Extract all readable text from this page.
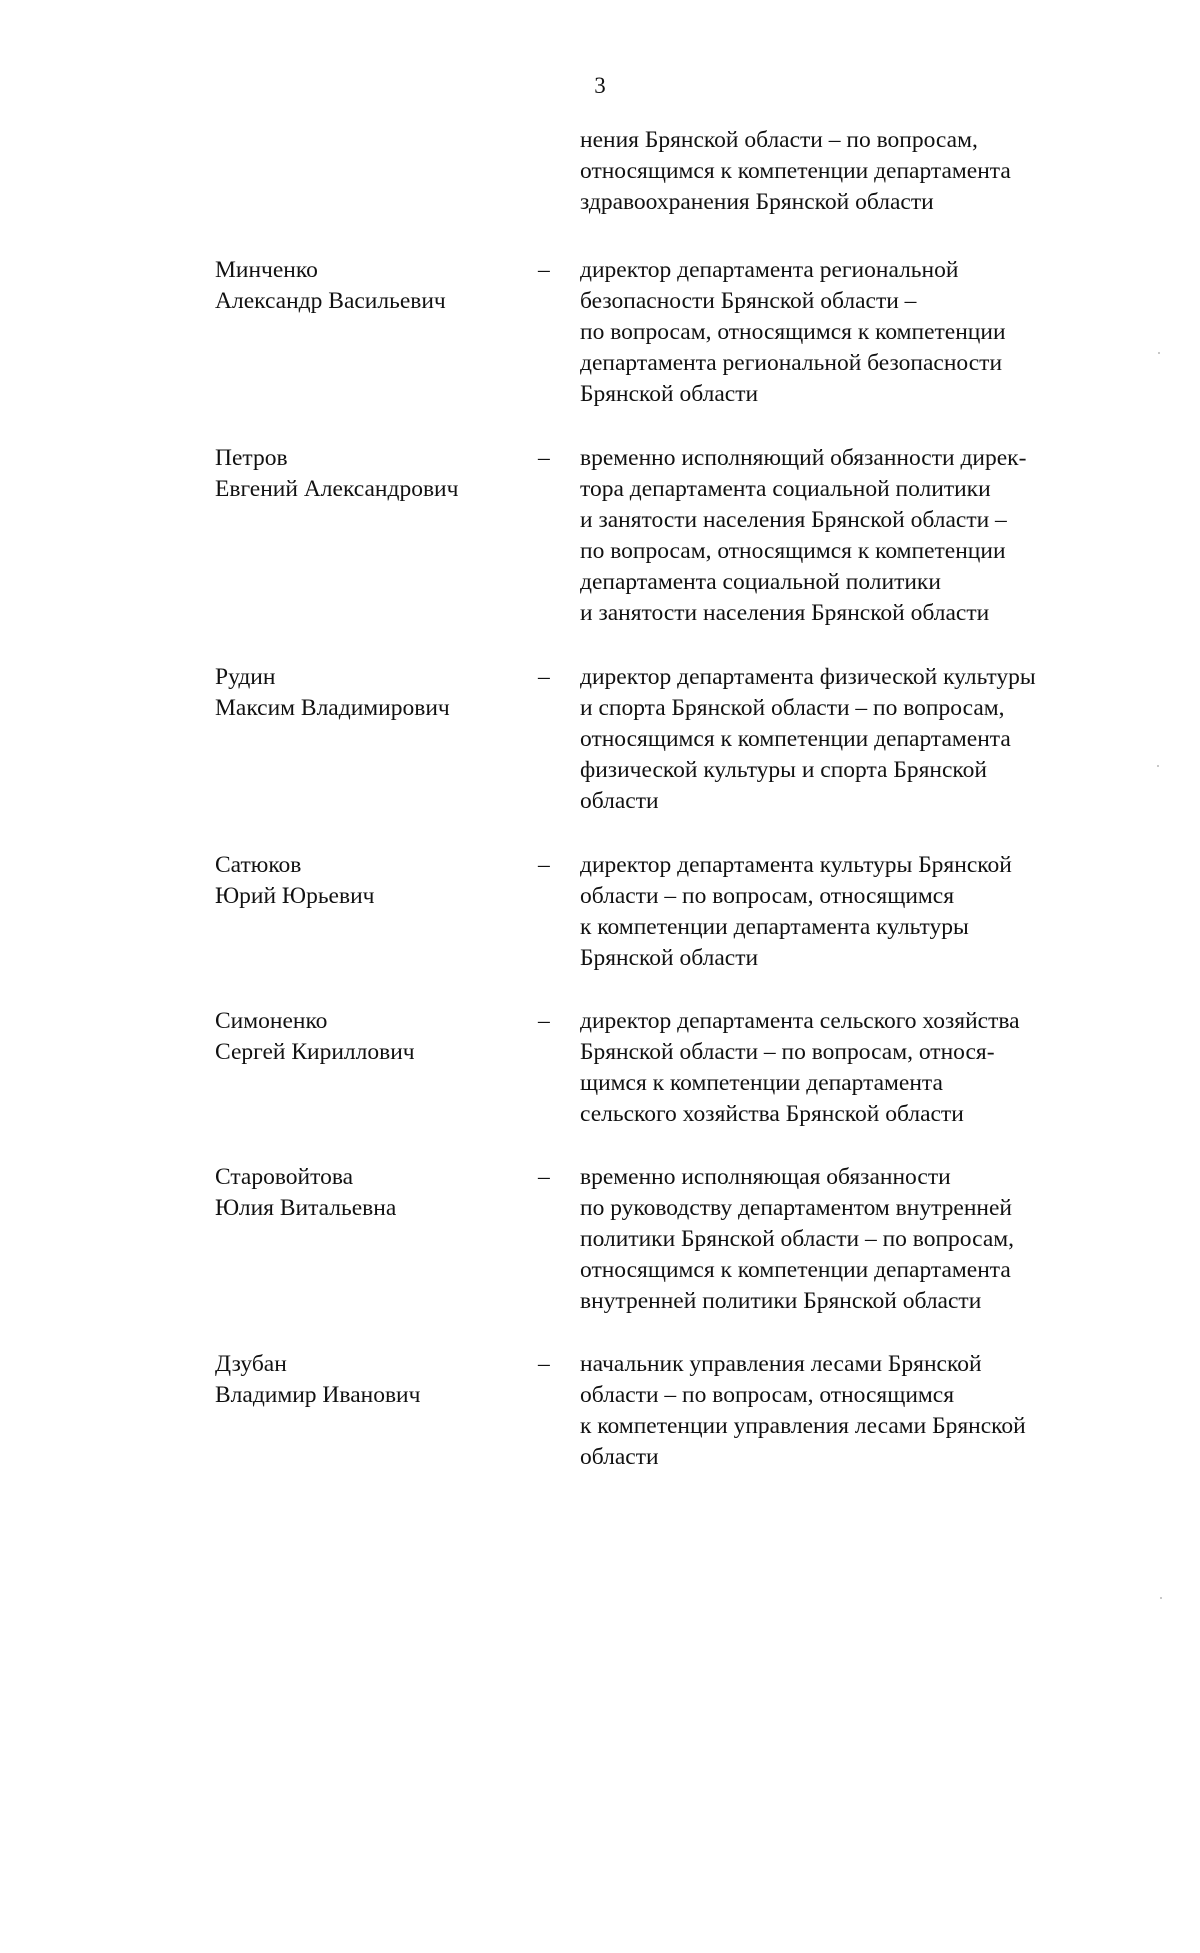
3
нения Брянской области – по вопросам,
относящимся к компетенции департамента
здравоохранения Брянской области
Минченко
Александр Васильевич
– директор департамента региональной
безопасности Брянской области –
по вопросам, относящимся к компетенции
департамента региональной безопасности
Брянской области
Петров
Евгений Александрович
– временно исполняющий обязанности дирек-
тора департамента социальной политики
и занятости населения Брянской области –
по вопросам, относящимся к компетенции
департамента социальной политики
и занятости населения Брянской области
Рудин
Максим Владимирович
– директор департамента физической культуры
и спорта Брянской области – по вопросам,
относящимся к компетенции департамента
физической культуры и спорта Брянской
области
Сатюков
Юрий Юрьевич
– директор департамента культуры Брянской
области – по вопросам, относящимся
к компетенции департамента культуры
Брянской области
Симоненко
Сергей Кириллович
– директор департамента сельского хозяйства
Брянской области – по вопросам, относя-
щимся к компетенции департамента
сельского хозяйства Брянской области
Старовойтова
Юлия Витальевна
– временно исполняющая обязанности
по руководству департаментом внутренней
политики Брянской области – по вопросам,
относящимся к компетенции департамента
внутренней политики Брянской области
Дзубан
Владимир Иванович
– начальник управления лесами Брянской
области – по вопросам, относящимся
к компетенции управления лесами Брянской
области
